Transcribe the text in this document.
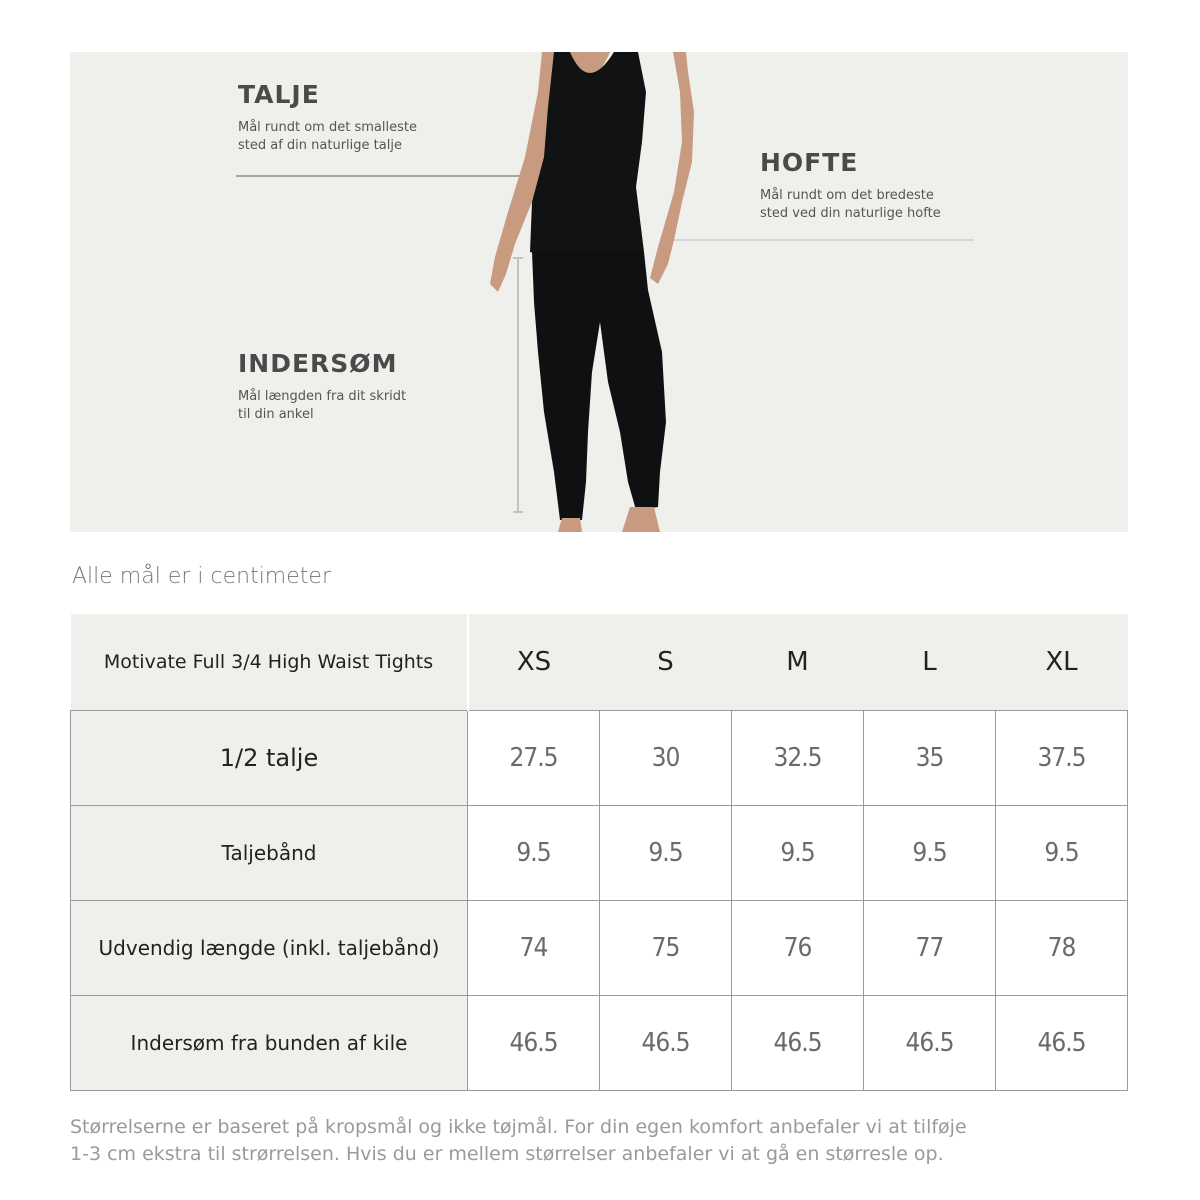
TALJE
Mål rundt om det smalleste
sted af din naturlige talje
HOFTE
Mål rundt om det bredeste
sted ved din naturlige hofte
INDERSØM
Mål længden fra dit skridt
til din ankel
Alle mål er i centimeter
Motivate Full 3/4 High Waist Tights	XS	S	M	L	XL
1/2 talje	27.5	30	32.5	35	37.5
Taljebånd	9.5	9.5	9.5	9.5	9.5
Udvendig længde (inkl. taljebånd)	74	75	76	77	78
Indersøm fra bunden af kile	46.5	46.5	46.5	46.5	46.5
Størrelserne er baseret på kropsmål og ikke tøjmål. For din egen komfort anbefaler vi at tilføje
1-3 cm ekstra til strørrelsen. Hvis du er mellem størrelser anbefaler vi at gå en størresle op.
